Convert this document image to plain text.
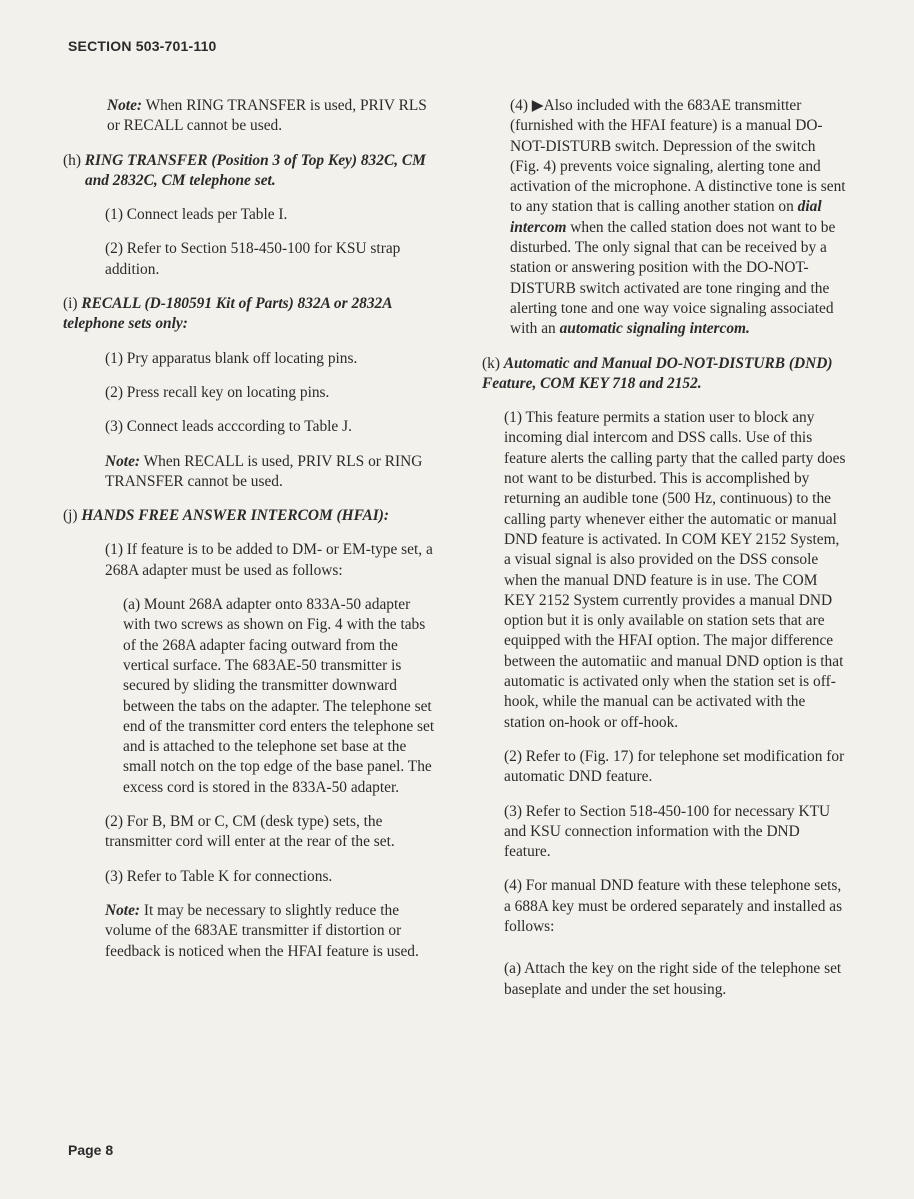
SECTION 503-701-110

Note: When RING TRANSFER is used, PRIV RLS or RECALL cannot be used.

(h) RING TRANSFER (Position 3 of Top Key) 832C, CM and 2832C, CM telephone set.

(1) Connect leads per Table I.

(2) Refer to Section 518-450-100 for KSU strap addition.

(i) RECALL (D-180591 Kit of Parts) 832A or 2832A telephone sets only:

(1) Pry apparatus blank off locating pins.

(2) Press recall key on locating pins.

(3) Connect leads acccording to Table J.

Note: When RECALL is used, PRIV RLS or RING TRANSFER cannot be used.

(j) HANDS FREE ANSWER INTERCOM (HFAI):

(1) If feature is to be added to DM- or EM-type set, a 268A adapter must be used as follows:

(a) Mount 268A adapter onto 833A-50 adapter with two screws as shown on Fig. 4 with the tabs of the 268A adapter facing outward from the vertical surface. The 683AE-50 transmitter is secured by sliding the transmitter downward between the tabs on the adapter. The telephone set end of the transmitter cord enters the telephone set and is attached to the telephone set base at the small notch on the top edge of the base panel. The excess cord is stored in the 833A-50 adapter.

(2) For B, BM or C, CM (desk type) sets, the transmitter cord will enter at the rear of the set.

(3) Refer to Table K for connections.

Note: It may be necessary to slightly reduce the volume of the 683AE transmitter if distortion or feedback is noticed when the HFAI feature is used.

(4) ▶Also included with the 683AE transmitter (furnished with the HFAI feature) is a manual DO-NOT-DISTURB switch. Depression of the switch (Fig. 4) prevents voice signaling, alerting tone and activation of the microphone. A distinctive tone is sent to any station that is calling another station on dial intercom when the called station does not want to be disturbed. The only signal that can be received by a station or answering position with the DO-NOT-DISTURB switch activated are tone ringing and the alerting tone and one way voice signaling associated with an automatic signaling intercom.

(k) Automatic and Manual DO-NOT-DISTURB (DND) Feature, COM KEY 718 and 2152.

(1) This feature permits a station user to block any incoming dial intercom and DSS calls. Use of this feature alerts the calling party that the called party does not want to be disturbed. This is accomplished by returning an audible tone (500 Hz, continuous) to the calling party whenever either the automatic or manual DND feature is activated. In COM KEY 2152 System, a visual signal is also provided on the DSS console when the manual DND feature is in use. The COM KEY 2152 System currently provides a manual DND option but it is only available on station sets that are equipped with the HFAI option. The major difference between the automatiic and manual DND option is that automatic is activated only when the station set is off-hook, while the manual can be activated with the station on-hook or off-hook.

(2) Refer to (Fig. 17) for telephone set modification for automatic DND feature.

(3) Refer to Section 518-450-100 for necessary KTU and KSU connection information with the DND feature.

(4) For manual DND feature with these telephone sets, a 688A key must be ordered separately and installed as follows:

(a) Attach the key on the right side of the telephone set baseplate and under the set housing.

Page 8
